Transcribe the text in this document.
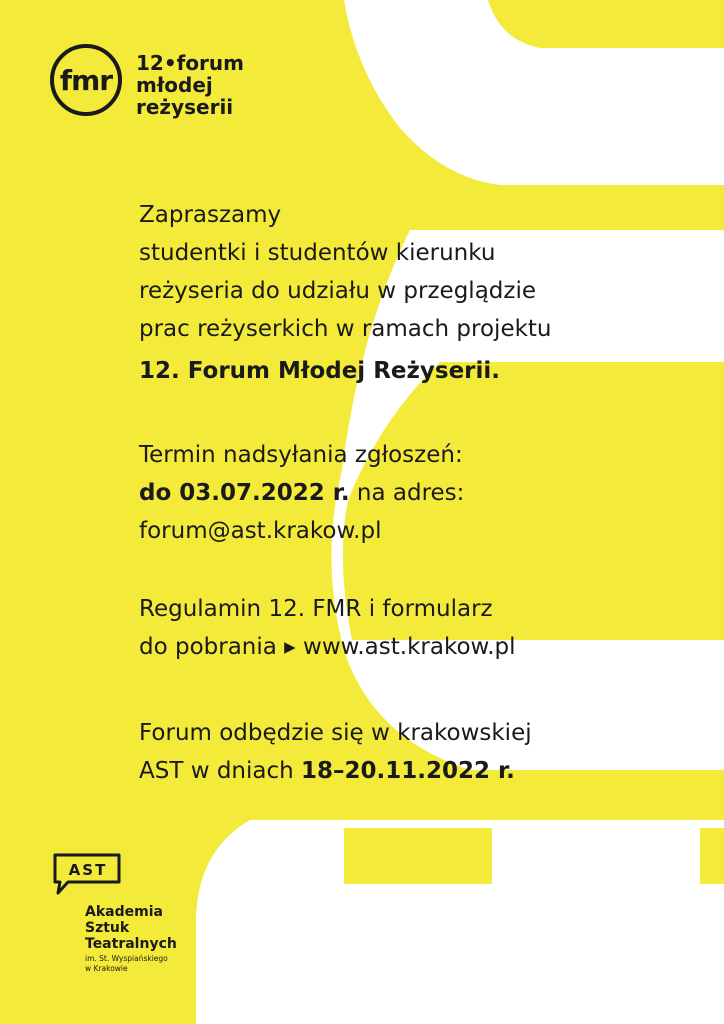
fmr
12•forum
młodej
reżyserii

Zapraszamy

studentki i studentów kierunku

reżyseria do udziału w przeglądzie

prac reżyserkich w ramach projektu

12. Forum Młodej Reżyserii.

Termin nadsyłania zgłoszeń:

do 03.07.2022 r. na adres:

forum@ast.krakow.pl

Regulamin 12. FMR i formularz

do pobrania ▸ www.ast.krakow.pl

Forum odbędzie się w krakowskiej

AST w dniach 18–20.11.2022 r.

AST
Akademia
Sztuk
Teatralnych
im. St. Wyspiańskiego
w Krakowie
